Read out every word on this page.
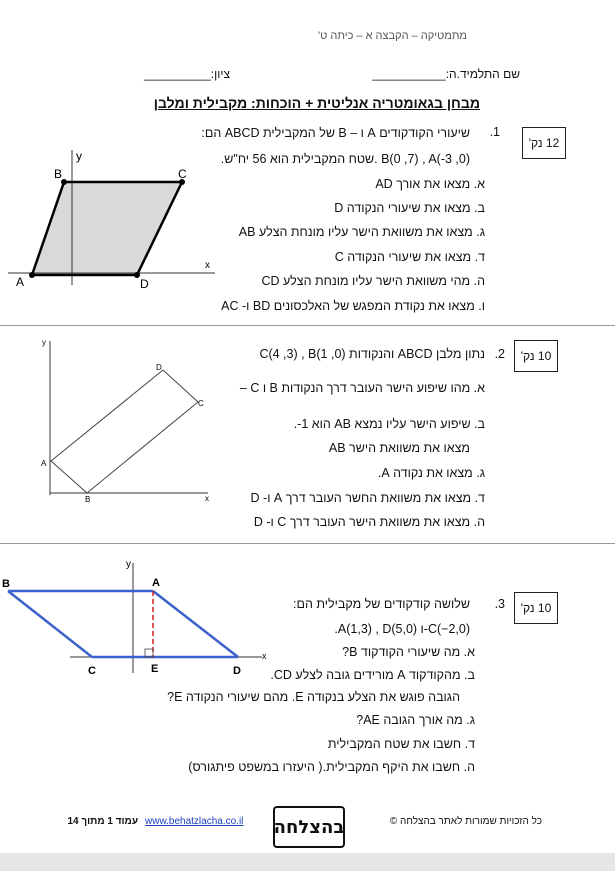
מתמטיקה – הקבצה א – כיתה ט'
שם התלמיד.ה:___________
ציון:__________
מבחן בגאומטריה אנליטית + הוכחות: מקבילית ומלבן
12 נק'
1.
שיעורי הקודקודים A ו – B של המקבילית ABCD הם:
B(0 ,7) , A(-3 ,0) .שטח המקבילית הוא 56 יח"ש.
א. מצאו את אורך AD
ב. מצאו את שיעורי הנקודה D
ג. מצאו את משוואת הישר עליו מונחת הצלע AB
ד. מצאו את שיעורי הנקודה C
ה. מהי משוואת הישר עליו מונחת הצלע CD
ו. מצאו את נקודת המפגש של האלכסונים BD ו- AC
y
x
A
B	C
D
10 נק'
2.
נתון מלבן ABCD והנקודות C(4 ,3) , B(1 ,0)
א. מהו שיפוע הישר העובר דרך הנקודות B ו C –
ב. שיפוע הישר עליו נמצא AB הוא 1-.
מצאו את משוואת הישר AB
ג. מצאו את נקודה A.
ד. מצאו את משוואת החשר העובר דרך A ו- D
ה. מצאו את משוואת הישר העובר דרך C ו- D
y
x
A
B
C
D
10 נק'
3.
שלושה קודקודים של מקבילית הם:
C(−2,0)-ו A(1,3) , D(5,0).
א. מה שיעורי הקודקוד B?
ב. מהקודקוד A מורידים גובה לצלע CD.
הגובה פוגש את הצלע בנקודה E. מהם שיעורי הנקודה E?
ג. מה אורך הגובה AE?
ד. חשבו את שטח המקבילית
ה. חשבו את היקף המקבילית.( היעזרו במשפט פיתגורס)
y
x
A
B
C	D
E
כל הזכויות שמורות לאתר בהצלחה ©
בהצלחה
www.behatzlacha.co.il
עמוד 1 מתוך 14
